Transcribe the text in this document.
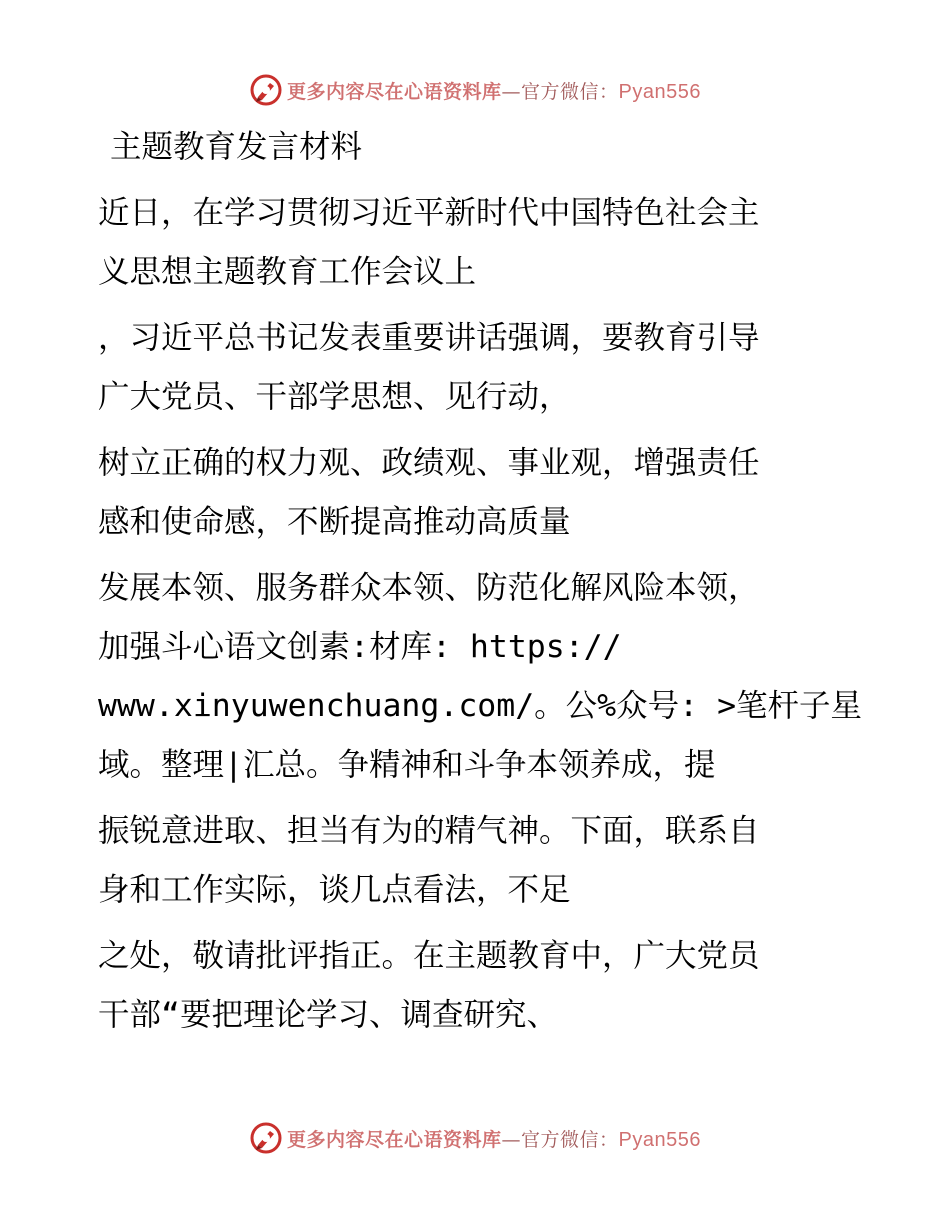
更多内容尽在心语资料库—官方微信：Pyan556
主题教育发言材料
近日，在学习贯彻习近平新时代中国特色社会主
义思想主题教育工作会议上
，习近平总书记发表重要讲话强调，要教育引导
广大党员、干部学思想、见行动，
树立正确的权力观、政绩观、事业观，增强责任
感和使命感，不断提高推动高质量
发展本领、服务群众本领、防范化解风险本领，
加强斗心语文创素:材库: https://
www.xinyuwenchuang.com/。公%众号: >笔杆子星
域。整理|汇总。争精神和斗争本领养成，提
振锐意进取、担当有为的精气神。下面，联系自
身和工作实际，谈几点看法，不足
之处，敬请批评指正。在主题教育中，广大党员
干部“要把理论学习、调查研究、
更多内容尽在心语资料库—官方微信：Pyan556
